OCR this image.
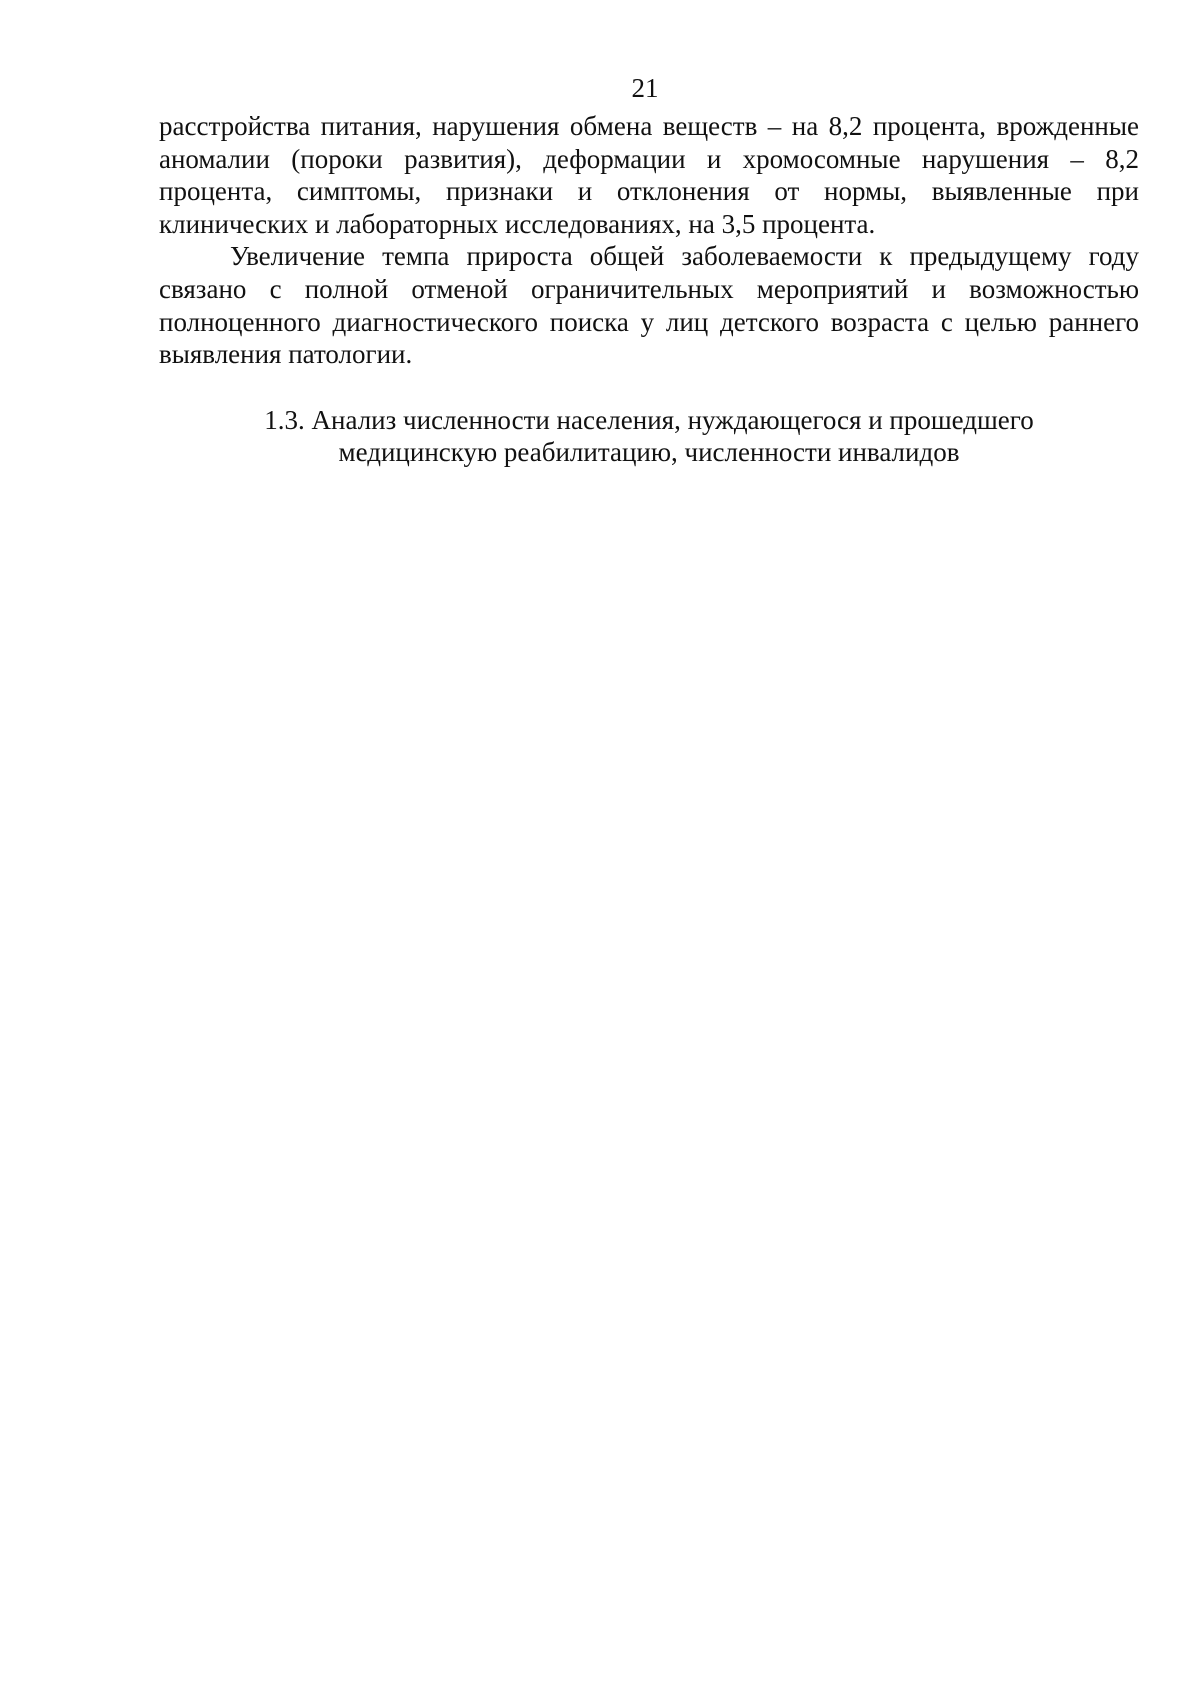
21

расстройства питания, нарушения обмена веществ – на 8,2 процента, врожденные аномалии (пороки развития), деформации и хромосомные нарушения – 8,2 процента, симптомы, признаки и отклонения от нормы, выявленные при клинических и лабораторных исследованиях, на 3,5 процента.

Увеличение темпа прироста общей заболеваемости к предыдущему году связано с полной отменой ограничительных мероприятий и возможностью полноценного диагностического поиска у лиц детского возраста с целью раннего выявления патологии.

1.3. Анализ численности населения, нуждающегося и прошедшего
медицинскую реабилитацию, численности инвалидов
